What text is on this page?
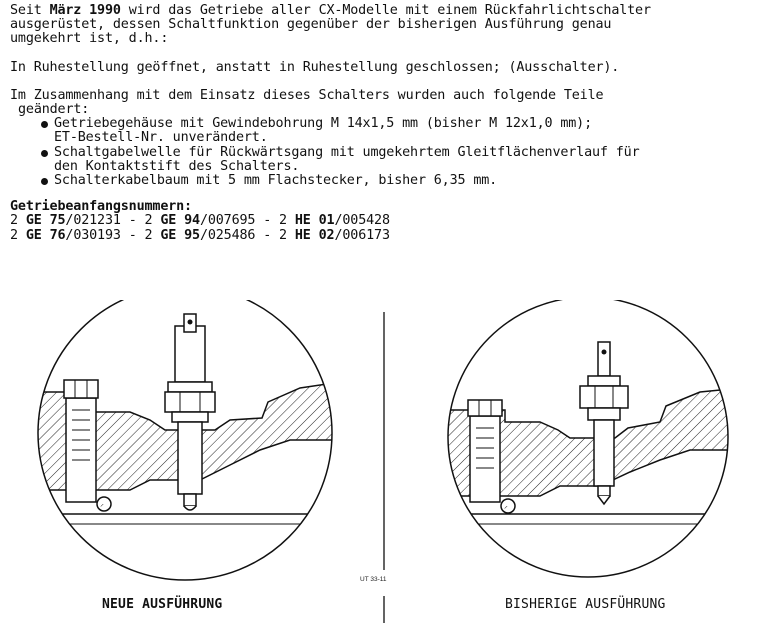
Seit März 1990 wird das Getriebe aller CX-Modelle mit einem Rückfahrlichtschalter

ausgerüstet, dessen Schaltfunktion gegenüber der bisherigen Ausführung genau

umgekehrt ist, d.h.:

In Ruhestellung geöffnet, anstatt in Ruhestellung geschlossen; (Ausschalter).

Im Zusammenhang mit dem Einsatz dieses Schalters wurden auch folgende Teile

geändert:

Getriebegehäuse mit Gewindebohrung M 14x1,5 mm (bisher M 12x1,0 mm);
ET-Bestell-Nr. unverändert.
Schaltgabelwelle für Rückwärtsgang mit umgekehrtem Gleitflächenverlauf für
den Kontaktstift des Schalters.
Schalterkabelbaum mit 5 mm Flachstecker, bisher 6,35 mm.

Getriebeanfangsnummern:

2 GE 75/021231 - 2 GE 94/007695 - 2 HE 01/005428

2 GE 76/030193 - 2 GE 95/025486 - 2 HE 02/006173

UT 33-11
NEUE AUSFÜHRUNG	BISHERIGE AUSFÜHRUNG
